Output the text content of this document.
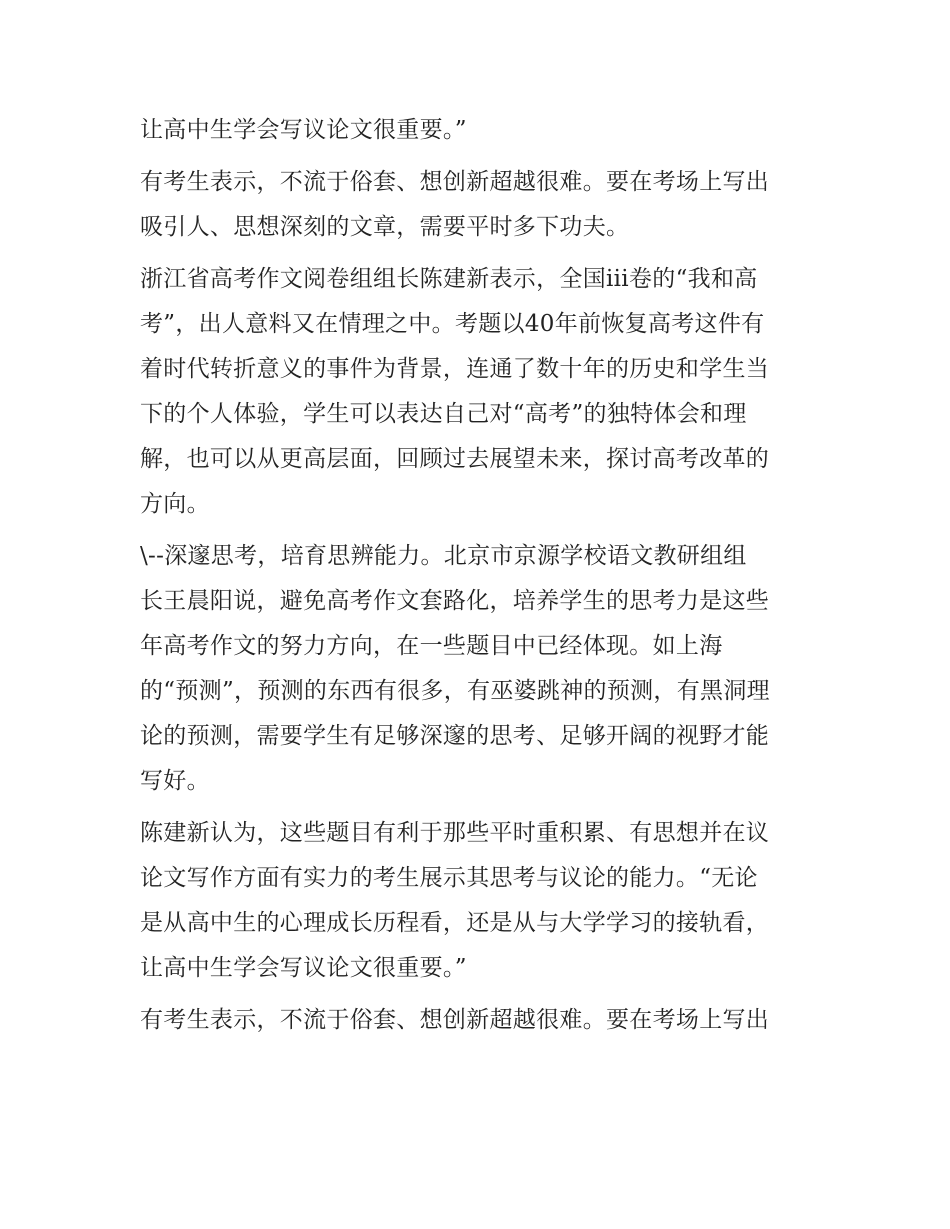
让高中生学会写议论文很重要。”

有考生表示，不流于俗套、想创新超越很难。要在考场上写出
吸引人、思想深刻的文章，需要平时多下功夫。

浙江省高考作文阅卷组组长陈建新表示，全国iii卷的“我和高
考”，出人意料又在情理之中。考题以40年前恢复高考这件有
着时代转折意义的事件为背景，连通了数十年的历史和学生当
下的个人体验，学生可以表达自己对“高考”的独特体会和理
解，也可以从更高层面，回顾过去展望未来，探讨高考改革的
方向。

\--深邃思考，培育思辨能力。北京市京源学校语文教研组组
长王晨阳说，避免高考作文套路化，培养学生的思考力是这些
年高考作文的努力方向，在一些题目中已经体现。如上海
的“预测”，预测的东西有很多，有巫婆跳神的预测，有黑洞理
论的预测，需要学生有足够深邃的思考、足够开阔的视野才能
写好。

陈建新认为，这些题目有利于那些平时重积累、有思想并在议
论文写作方面有实力的考生展示其思考与议论的能力。“无论
是从高中生的心理成长历程看，还是从与大学学习的接轨看，
让高中生学会写议论文很重要。”

有考生表示，不流于俗套、想创新超越很难。要在考场上写出
